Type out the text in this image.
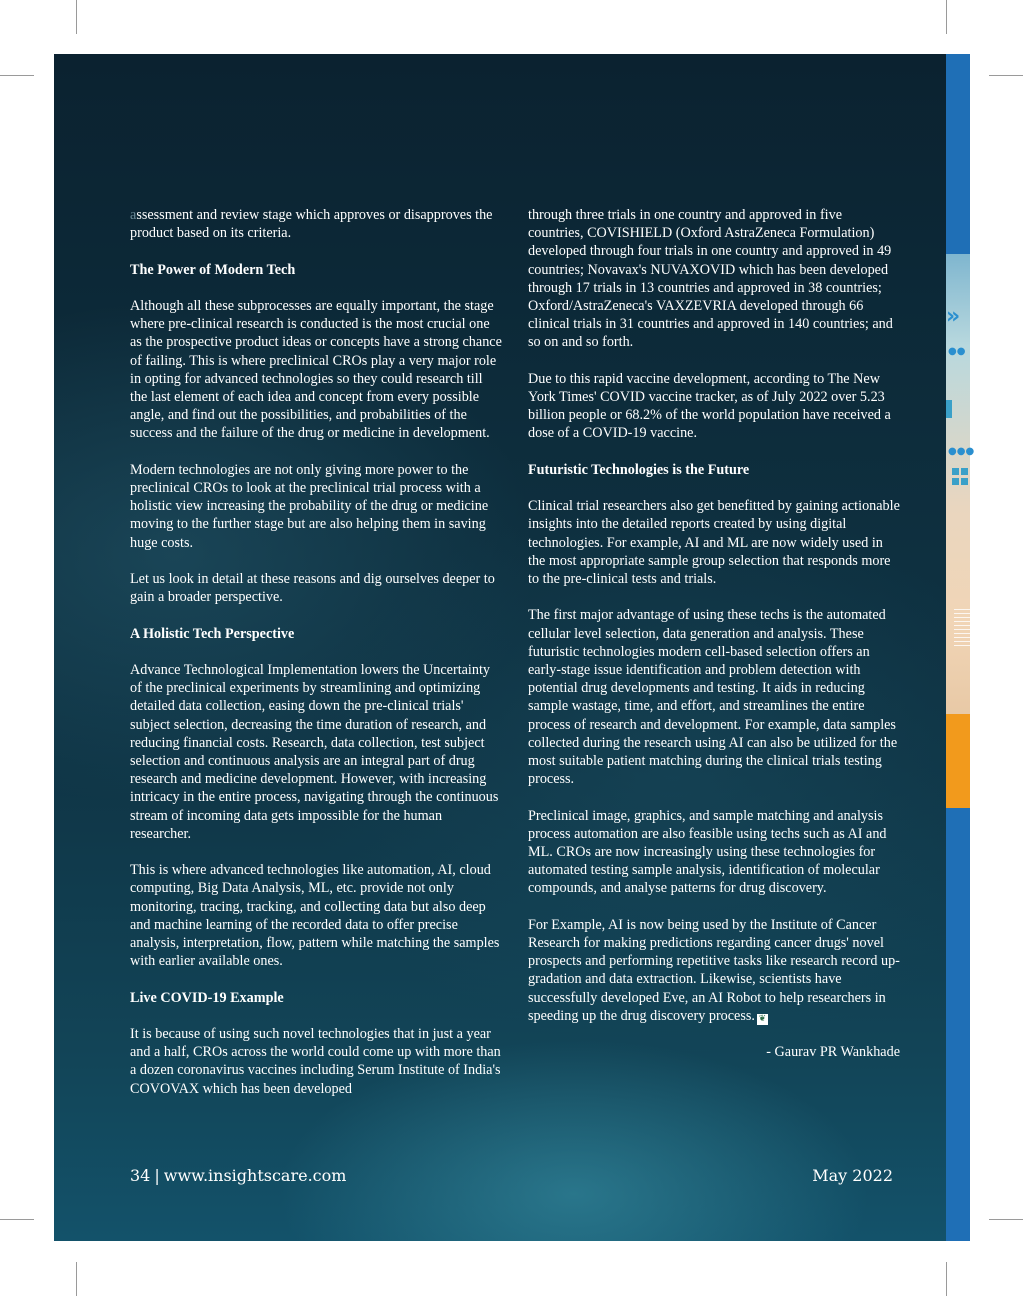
››
●●
●●●

assessment and review stage which approves or disapproves the product based on its criteria.

The Power of Modern Tech

Although all these subprocesses are equally important, the stage where pre-clinical research is conducted is the most crucial one as the prospective product ideas or concepts have a strong chance of failing. This is where preclinical CROs play a very major role in opting for advanced technologies so they could research till the last element of each idea and concept from every possible angle, and find out the possibilities, and probabilities of the success and the failure of the drug or medicine in development.

Modern technologies are not only giving more power to the preclinical CROs to look at the preclinical trial process with a holistic view increasing the probability of the drug or medicine moving to the further stage but are also helping them in saving huge costs.

Let us look in detail at these reasons and dig ourselves deeper to gain a broader perspective.

A Holistic Tech Perspective

Advance Technological Implementation lowers the Uncertainty of the preclinical experiments by streamlining and optimizing detailed data collection, easing down the pre-clinical trials' subject selection, decreasing the time duration of research, and reducing financial costs. Research, data collection, test subject selection and continuous analysis are an integral part of drug research and medicine development. However, with increasing intricacy in the entire process, navigating through the continuous stream of incoming data gets impossible for the human researcher.

This is where advanced technologies like automation, AI, cloud computing, Big Data Analysis, ML, etc. provide not only monitoring, tracing, tracking, and collecting data but also deep and machine learning of the recorded data to offer precise analysis, interpretation, flow, pattern while matching the samples with earlier available ones.

Live COVID-19 Example

It is because of using such novel technologies that in just a year and a half, CROs across the world could come up with more than a dozen coronavirus vaccines including Serum Institute of India's COVOVAX which has been developed

through three trials in one country and approved in five countries, COVISHIELD (Oxford AstraZeneca Formulation) developed through four trials in one country and approved in 49 countries; Novavax's NUVAXOVID which has been developed through 17 trials in 13 countries and approved in 38 countries; Oxford/AstraZeneca's VAXZEVRIA developed through 66 clinical trials in 31 countries and approved in 140 countries; and so on and so forth.

Due to this rapid vaccine development, according to The New York Times' COVID vaccine tracker, as of July 2022 over 5.23 billion people or 68.2% of the world population have received a dose of a COVID-19 vaccine.

Futuristic Technologies is the Future

Clinical trial researchers also get benefitted by gaining actionable insights into the detailed reports created by using digital technologies. For example, AI and ML are now widely used in the most appropriate sample group selection that responds more to the pre-clinical tests and trials.

The first major advantage of using these techs is the automated cellular level selection, data generation and analysis. These futuristic technologies modern cell-based selection offers an early-stage issue identification and problem detection with potential drug developments and testing. It aids in reducing sample wastage, time, and effort, and streamlines the entire process of research and development. For example, data samples collected during the research using AI can also be utilized for the most suitable patient matching during the clinical trials testing process.

Preclinical image, graphics, and sample matching and analysis process automation are also feasible using techs such as AI and ML. CROs are now increasingly using these technologies for automated testing sample analysis, identification of molecular compounds, and analyse patterns for drug discovery.

For Example, AI is now being used by the Institute of Cancer Research for making predictions regarding cancer drugs' novel prospects and performing repetitive tasks like research record up-gradation and data extraction. Likewise, scientists have successfully developed Eve, an AI Robot to help researchers in speeding up the drug discovery process. ❦

- Gaurav PR Wankhade

34 | www.insightscare.com	May 2022
